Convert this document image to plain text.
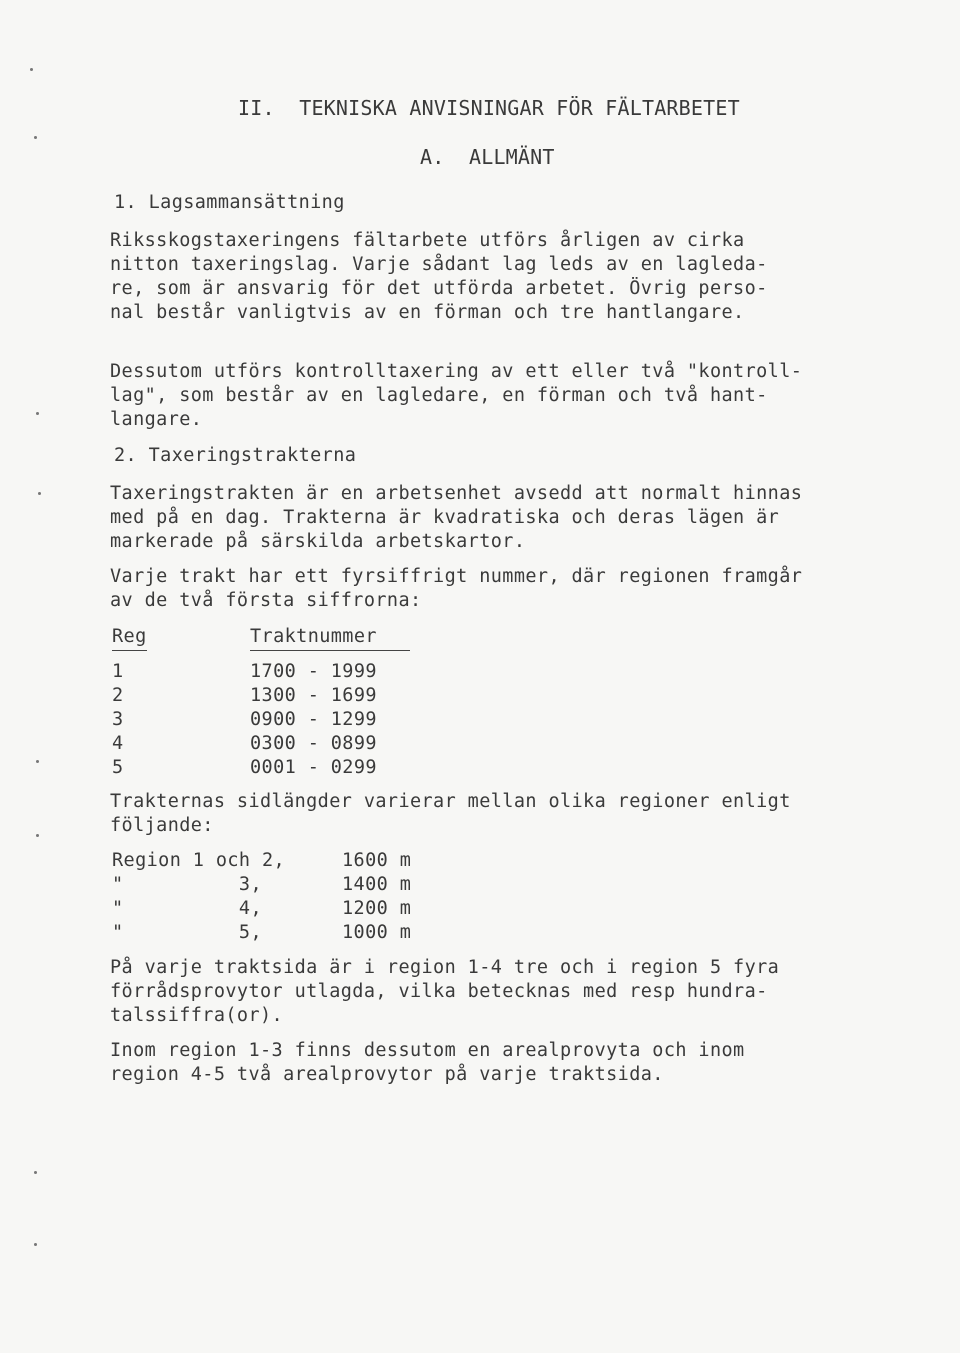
II.  TEKNISKA ANVISNINGAR FÖR FÄLTARBETET
A.  ALLMÄNT
1. Lagsammansättning
Riksskogstaxeringens fältarbete utförs årligen av cirka
nitton taxeringslag. Varje sådant lag leds av en lagleda-
re, som är ansvarig för det utförda arbetet. Övrig perso-
nal består vanligtvis av en förman och tre hantlangare.
Dessutom utförs kontrolltaxering av ett eller två "kontroll-
lag", som består av en lagledare, en förman och två hant-
langare.
2. Taxeringstrakterna
Taxeringstrakten är en arbetsenhet avsedd att normalt hinnas
med på en dag. Trakterna är kvadratiska och deras lägen är
markerade på särskilda arbetskartor.
Varje trakt har ett fyrsiffrigt nummer, där regionen framgår
av de två första siffrorna:
Reg	Traktnummer
1	1700 - 1999
2	1300 - 1699
3	0900 - 1299
4	0300 - 0899
5	0001 - 0299
Trakternas sidlängder varierar mellan olika regioner enligt
följande:
Region 1 och 2,	1600 m
"          3,	1400 m
"          4,	1200 m
"          5,	1000 m
På varje traktsida är i region 1-4 tre och i region 5 fyra
förrådsprovytor utlagda, vilka betecknas med resp hundra-
talssiffra(or).
Inom region 1-3 finns dessutom en arealprovyta och inom
region 4-5 två arealprovytor på varje traktsida.
